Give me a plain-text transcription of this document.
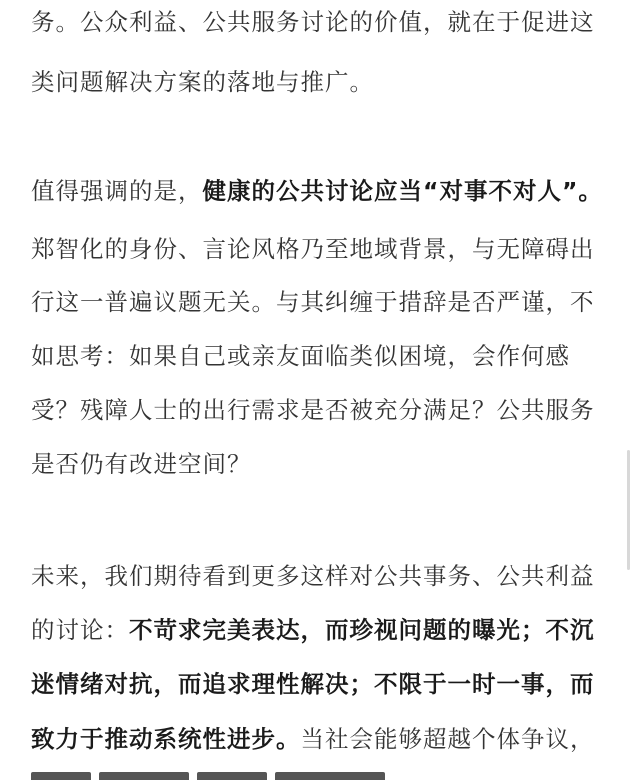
务。公众利益、公共服务讨论的价值，就在于促进这
类问题解决方案的落地与推广。
值得强调的是，健康的公共讨论应当“对事不对人”。
郑智化的身份、言论风格乃至地域背景，与无障碍出
行这一普遍议题无关。与其纠缠于措辞是否严谨，不
如思考：如果自己或亲友面临类似困境，会作何感
受？残障人士的出行需求是否被充分满足？公共服务
是否仍有改进空间？
未来，我们期待看到更多这样对公共事务、公共利益
的讨论：不苛求完美表达，而珍视问题的曝光；不沉
迷情绪对抗，而追求理性解决；不限于一时一事，而
致力于推动系统性进步。当社会能够超越个体争议，
